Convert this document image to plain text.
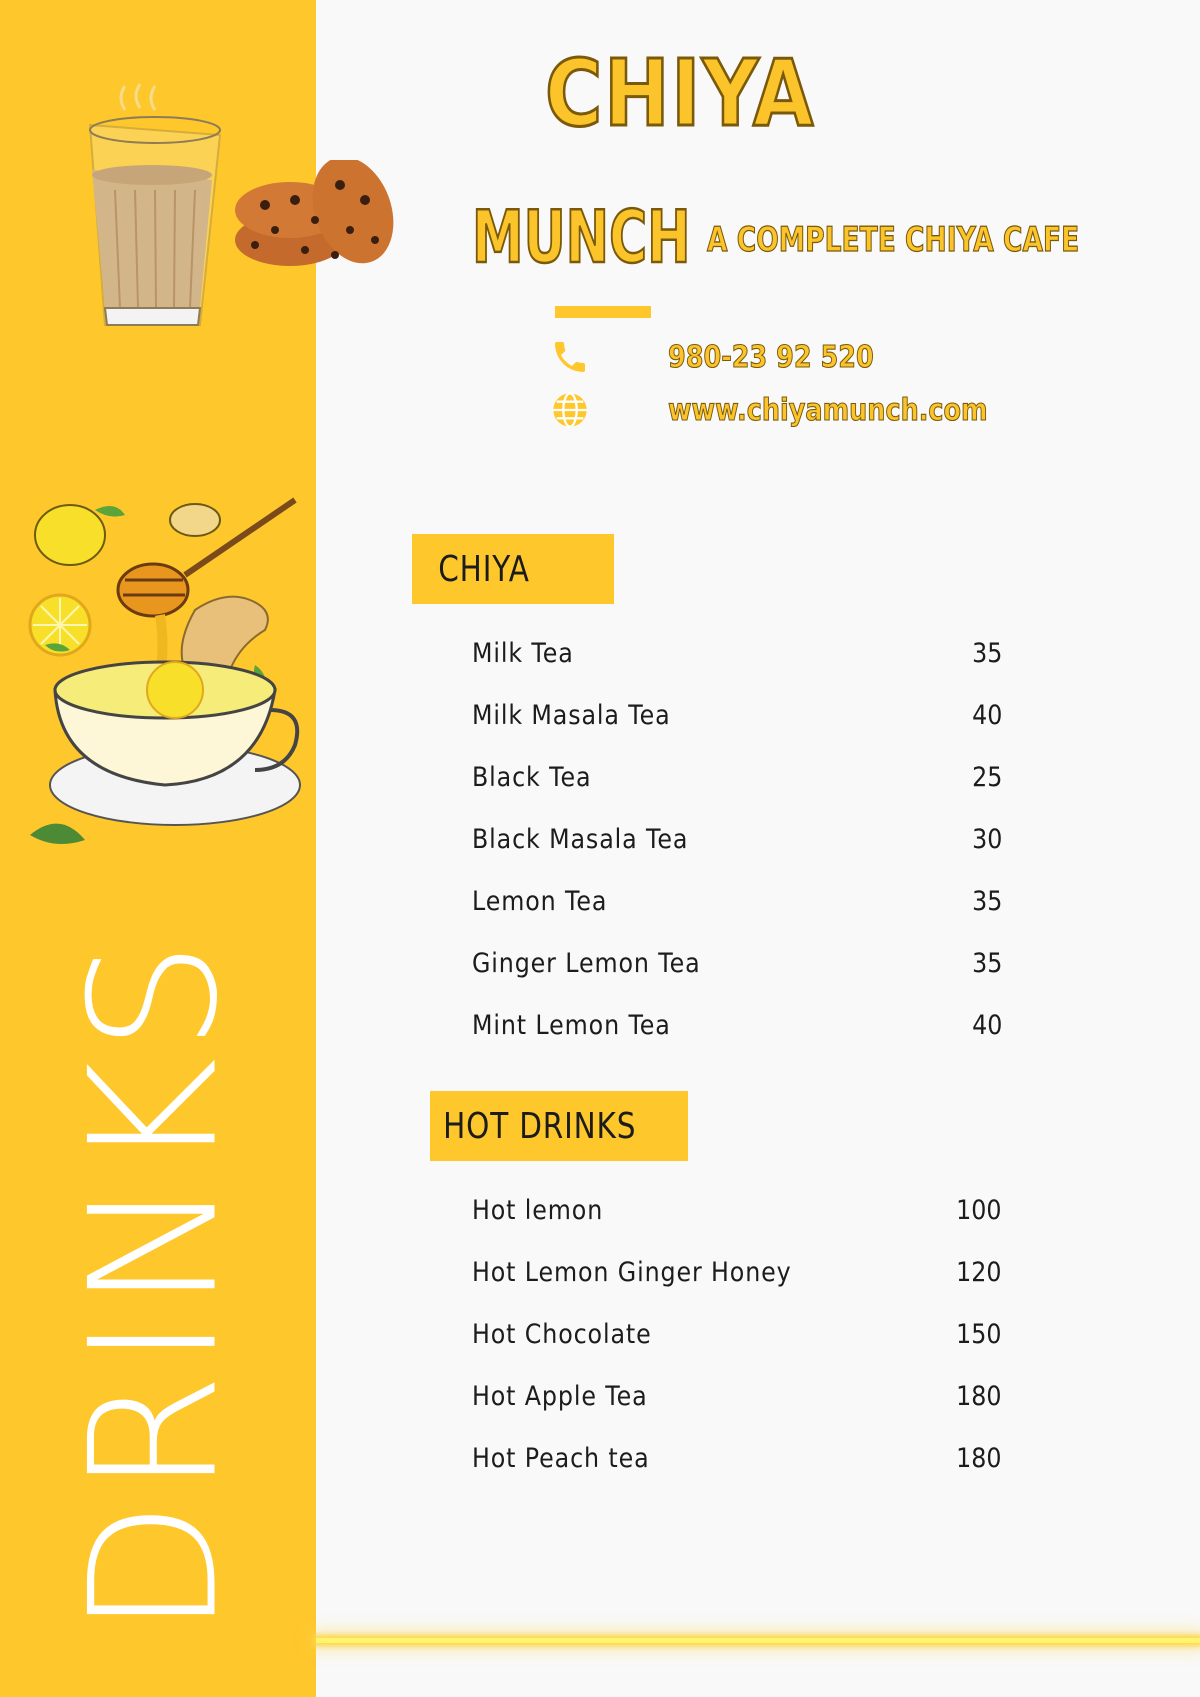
DRINKS
CHIYA
MUNCH A COMPLETE CHIYA CAFE
980-23 92 520
www.chiyamunch.com
CHIYA
Milk Tea	35
Milk Masala Tea	40
Black Tea	25
Black Masala Tea	30
Lemon Tea	35
Ginger Lemon Tea	35
Mint Lemon Tea	40
HOT DRINKS
Hot lemon	100
Hot Lemon Ginger Honey	120
Hot Chocolate	150
Hot Apple Tea	180
Hot Peach tea	180
